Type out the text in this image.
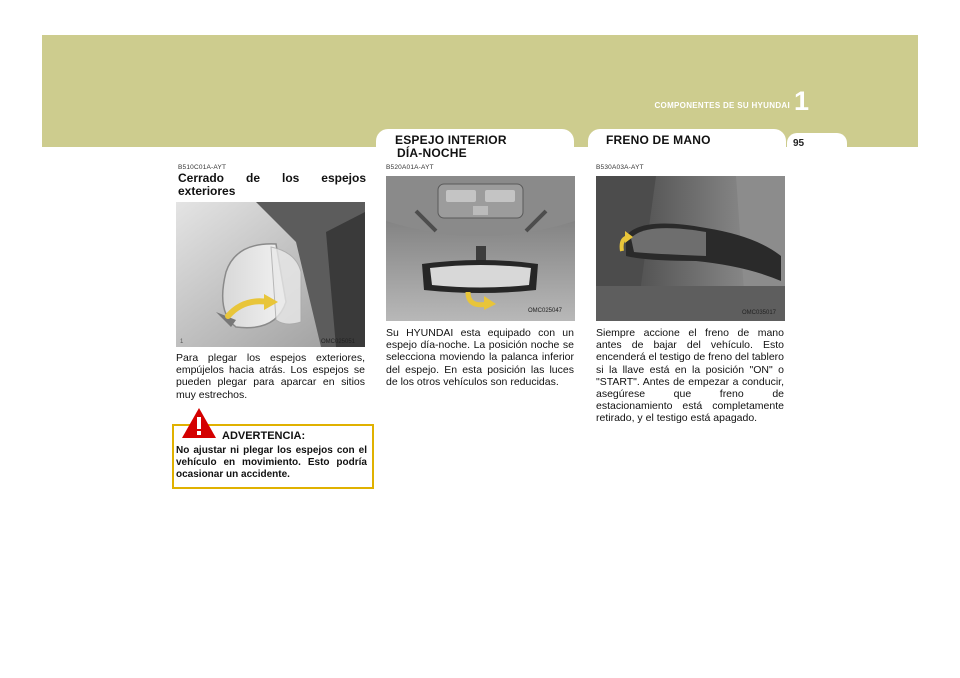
COMPONENTES DE SU HYUNDAI 1
95
ESPEJO INTERIOR
DÍA-NOCHE
FRENO DE MANO
B510C01A-AYT
Cerrado de los espejos exteriores
OMC025051
1
Para plegar los espejos exteriores, empújelos hacia atrás. Los espejos se pueden plegar para aparcar en sitios muy estrechos.
ADVERTENCIA:
No ajustar ni plegar los espejos con el vehículo en movimiento. Esto podría ocasionar un accidente.
B520A01A-AYT
OMC025047
Su HYUNDAI esta equipado con un espejo día-noche. La posición noche se selecciona moviendo la palanca inferior del espejo. En esta posición las luces de los otros vehículos son reducidas.
B530A03A-AYT
OMC035017
Siempre accione el freno de mano antes de bajar del vehículo. Esto encenderá el testigo de freno del tablero si la llave está en la posición "ON" o "START". Antes de empezar a conducir, asegúrese que freno de estacionamiento está completamente retirado, y el testigo está apagado.
